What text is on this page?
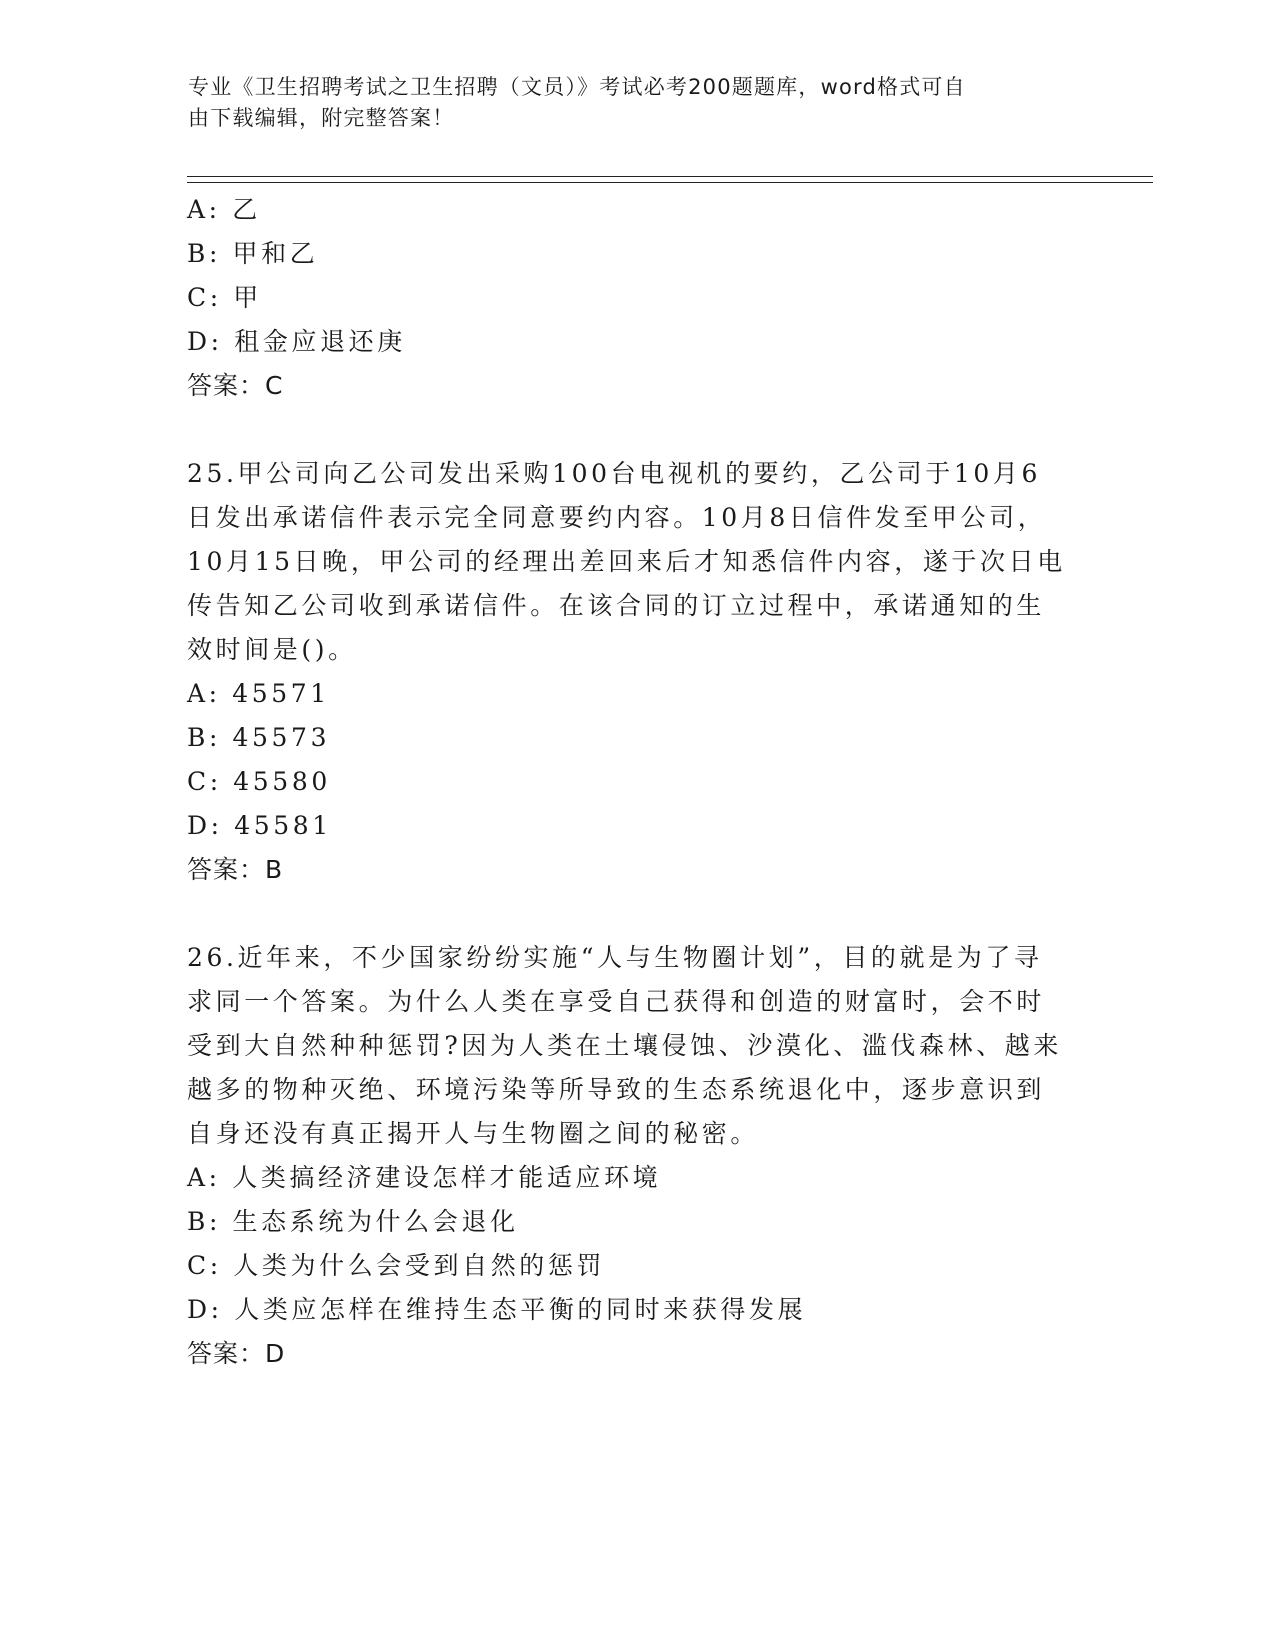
专业《卫生招聘考试之卫生招聘（文员）》考试必考200题题库，word格式可自
由下载编辑，附完整答案！
A: 乙
B: 甲和乙
C: 甲
D: 租金应退还庚
答案：C
25.甲公司向乙公司发出采购100台电视机的要约，乙公司于10月6
日发出承诺信件表示完全同意要约内容。10月8日信件发至甲公司，
10月15日晚，甲公司的经理出差回来后才知悉信件内容，遂于次日电
传告知乙公司收到承诺信件。在该合同的订立过程中，承诺通知的生
效时间是()。
A: 45571
B: 45573
C: 45580
D: 45581
答案：B
26.近年来，不少国家纷纷实施“人与生物圈计划”，目的就是为了寻
求同一个答案。为什么人类在享受自己获得和创造的财富时，会不时
受到大自然种种惩罚?因为人类在土壤侵蚀、沙漠化、滥伐森林、越来
越多的物种灭绝、环境污染等所导致的生态系统退化中，逐步意识到
自身还没有真正揭开人与生物圈之间的秘密。
A: 人类搞经济建设怎样才能适应环境
B: 生态系统为什么会退化
C: 人类为什么会受到自然的惩罚
D: 人类应怎样在维持生态平衡的同时来获得发展
答案：D
